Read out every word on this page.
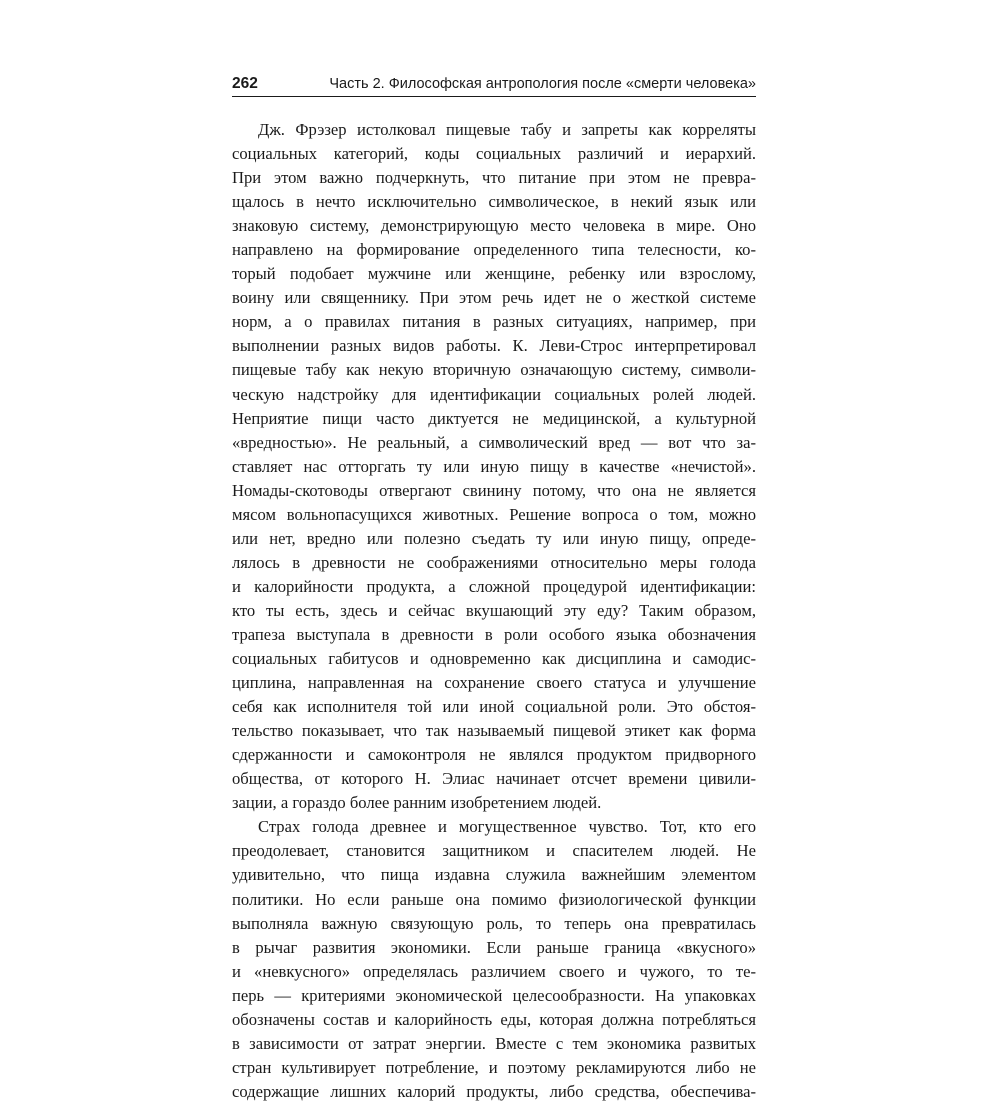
262	Часть 2. Философская антропология после «смерти человека»
Дж. Фрэзер истолковал пищевые табу и запреты как корреляты
социальных категорий, коды социальных различий и иерархий.
При этом важно подчеркнуть, что питание при этом не превра-
щалось в нечто исключительно символическое, в некий язык или
знаковую систему, демонстрирующую место человека в мире. Оно
направлено на формирование определенного типа телесности, ко-
торый подобает мужчине или женщине, ребенку или взрослому,
воину или священнику. При этом речь идет не о жесткой системе
норм, а о правилах питания в разных ситуациях, например, при
выполнении разных видов работы. К. Леви-Строс интерпретировал
пищевые табу как некую вторичную означающую систему, символи-
ческую надстройку для идентификации социальных ролей людей.
Неприятие пищи часто диктуется не медицинской, а культурной
«вредностью». Не реальный, а символический вред — вот что за-
ставляет нас отторгать ту или иную пищу в качестве «нечистой».
Номады-скотоводы отвергают свинину потому, что она не является
мясом вольнопасущихся животных. Решение вопроса о том, можно
или нет, вредно или полезно съедать ту или иную пищу, опреде-
лялось в древности не соображениями относительно меры голода
и калорийности продукта, а сложной процедурой идентификации:
кто ты есть, здесь и сейчас вкушающий эту еду? Таким образом,
трапеза выступала в древности в роли особого языка обозначения
социальных габитусов и одновременно как дисциплина и самодис-
циплина, направленная на сохранение своего статуса и улучшение
себя как исполнителя той или иной социальной роли. Это обстоя-
тельство показывает, что так называемый пищевой этикет как форма
сдержанности и самоконтроля не являлся продуктом придворного
общества, от которого Н. Элиас начинает отсчет времени цивили-
зации, а гораздо более ранним изобретением людей.
Страх голода древнее и могущественное чувство. Тот, кто его
преодолевает, становится защитником и спасителем людей. Не
удивительно, что пища издавна служила важнейшим элементом
политики. Но если раньше она помимо физиологической функции
выполняла важную связующую роль, то теперь она превратилась
в рычаг развития экономики. Если раньше граница «вкусного»
и «невкусного» определялась различием своего и чужого, то те-
перь — критериями экономической целесообразности. На упаковках
обозначены состав и калорийность еды, которая должна потребляться
в зависимости от затрат энергии. Вместе с тем экономика развитых
стран культивирует потребление, и поэтому рекламируются либо не
содержащие лишних калорий продукты, либо средства, обеспечива-
